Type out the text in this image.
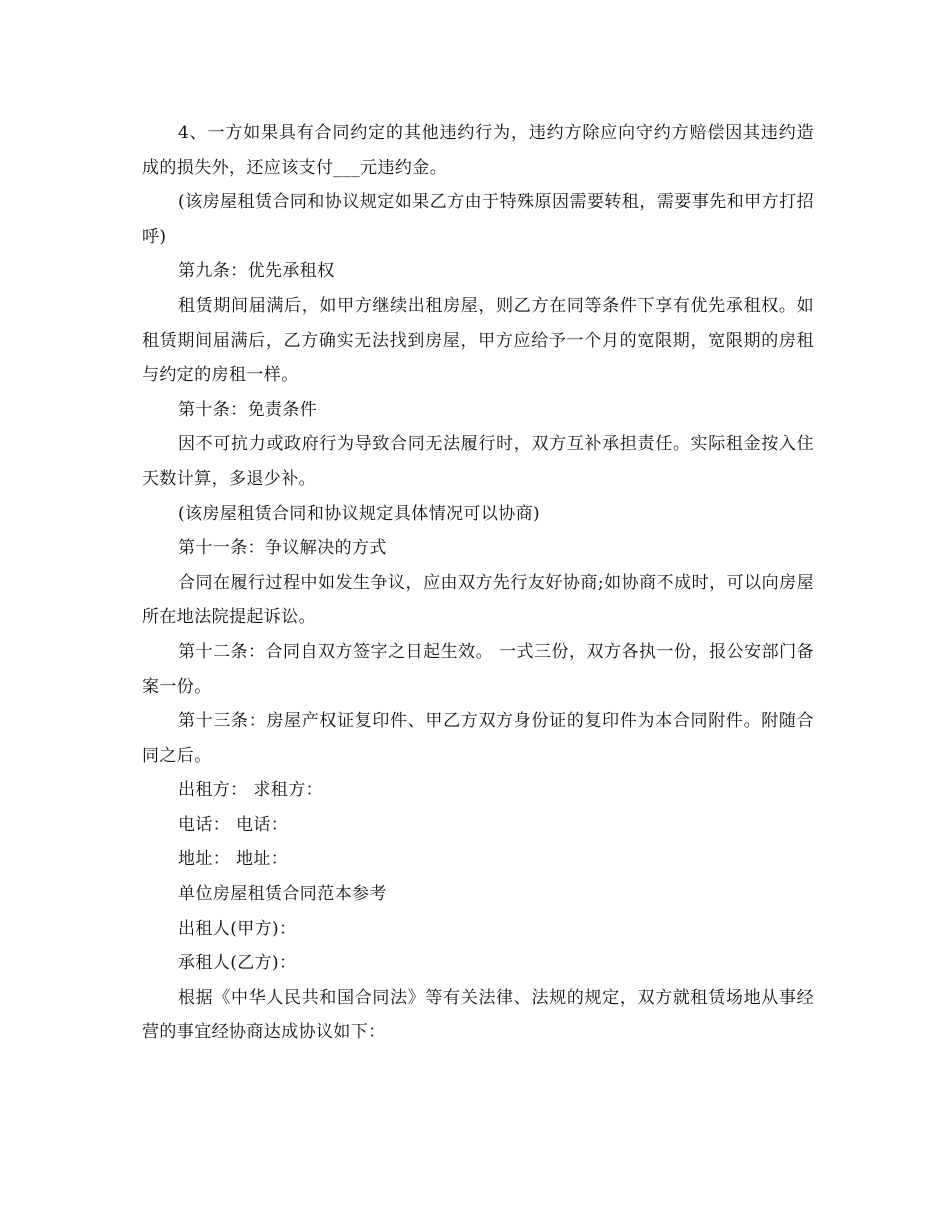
4、一方如果具有合同约定的其他违约行为，违约方除应向守约方赔偿因其违约造成的损失外，还应该支付___元违约金。

(该房屋租赁合同和协议规定如果乙方由于特殊原因需要转租，需要事先和甲方打招呼)

第九条：优先承租权

租赁期间届满后，如甲方继续出租房屋，则乙方在同等条件下享有优先承租权。如租赁期间届满后，乙方确实无法找到房屋，甲方应给予一个月的宽限期，宽限期的房租与约定的房租一样。

第十条：免责条件

因不可抗力或政府行为导致合同无法履行时，双方互补承担责任。实际租金按入住天数计算，多退少补。

(该房屋租赁合同和协议规定具体情况可以协商)

第十一条：争议解决的方式

合同在履行过程中如发生争议，应由双方先行友好协商;如协商不成时，可以向房屋所在地法院提起诉讼。

第十二条：合同自双方签字之日起生效。 一式三份，双方各执一份，报公安部门备案一份。

第十三条：房屋产权证复印件、甲乙方双方身份证的复印件为本合同附件。附随合同之后。

出租方： 求租方：

电话： 电话：

地址： 地址：

单位房屋租赁合同范本参考

出租人(甲方)：

承租人(乙方)：

根据《中华人民共和国合同法》等有关法律、法规的规定，双方就租赁场地从事经营的事宜经协商达成协议如下：
